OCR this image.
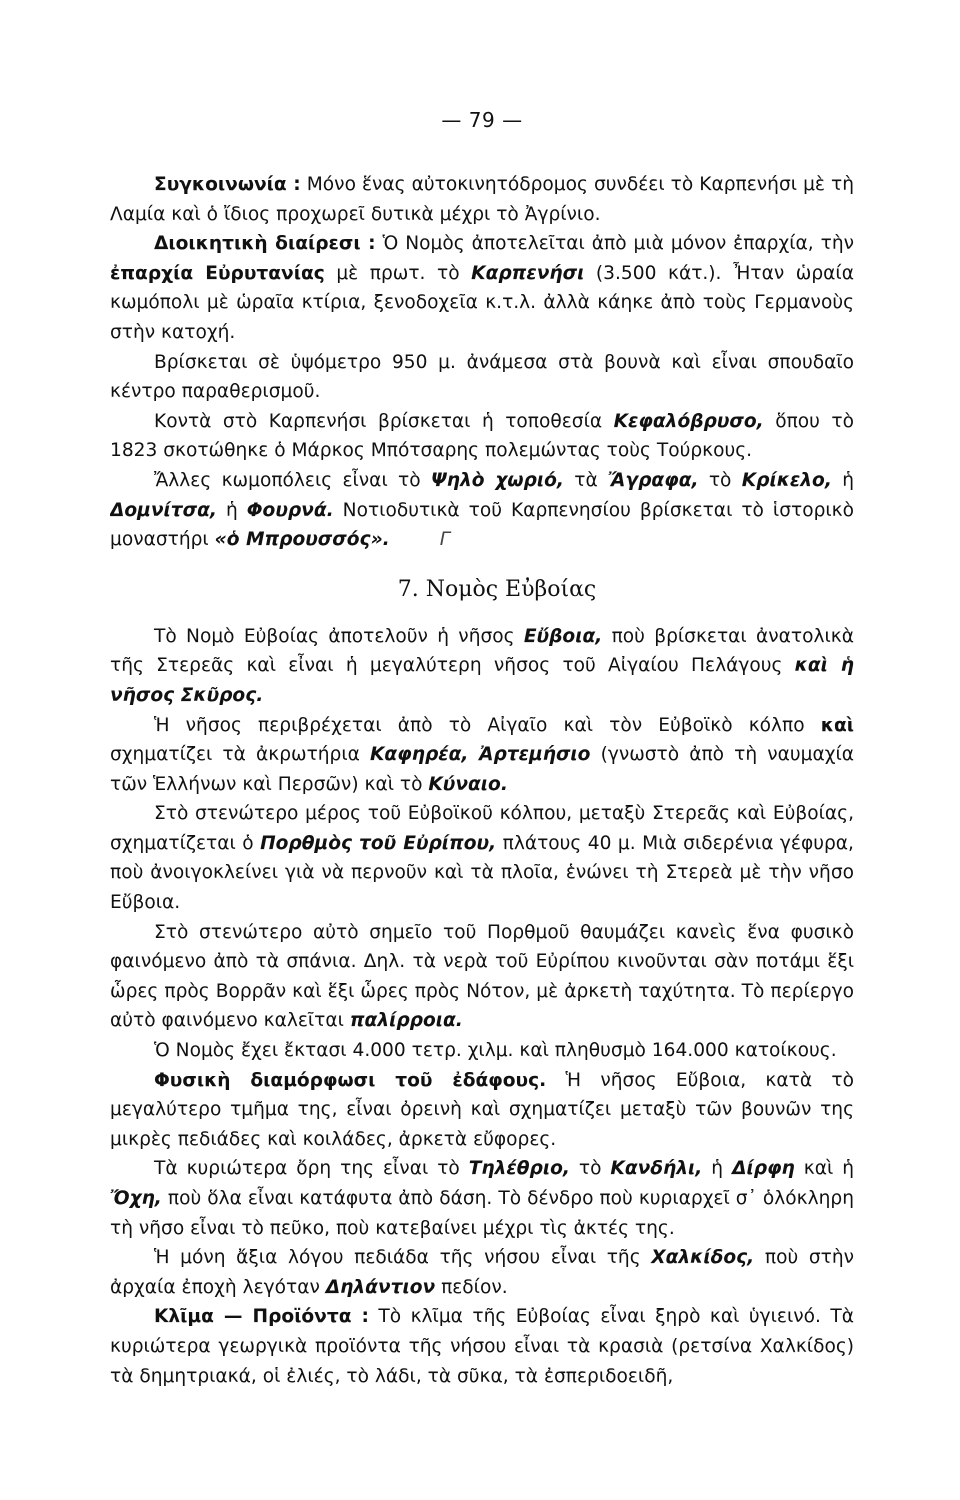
— 79 —

Συγκοινωνία : Μόνο ἕνας αὐτοκινητόδρομος συνδέει τὸ Καρπενήσι μὲ τὴ Λαμία καὶ ὁ ἴδιος προχωρεῖ δυτικὰ μέχρι τὸ Ἀγρίνιο.

Διοικητικὴ διαίρεσι : Ὁ Νομὸς ἀποτελεῖται ἀπὸ μιὰ μόνον ἐπαρχία, τὴν ἐπαρχία Εὐρυτανίας μὲ πρωτ. τὸ Καρπενήσι (3.500 κάτ.). Ἦταν ὡραία κωμόπολι μὲ ὡραῖα κτίρια, ξενοδοχεῖα κ.τ.λ. ἀλλὰ κάηκε ἀπὸ τοὺς Γερμανοὺς στὴν κατοχή.

Βρίσκεται σὲ ὑψόμετρο 950 μ. ἀνάμεσα στὰ βουνὰ καὶ εἶναι σπουδαῖο κέντρο παραθερισμοῦ.

Κοντὰ στὸ Καρπενήσι βρίσκεται ἡ τοποθεσία Κεφαλόβρυσο, ὅπου τὸ 1823 σκοτώθηκε ὁ Μάρκος Μπότσαρης πολεμώντας τοὺς Τούρκους.

Ἄλλες κωμοπόλεις εἶναι τὸ Ψηλὸ χωριό, τὰ Ἄγραφα, τὸ Κρίκελο, ἡ Δομνίτσα, ἡ Φουρνά. Νοτιοδυτικὰ τοῦ Καρπενησίου βρίσκεται τὸ ἱστορικὸ μοναστήρι «ὁ Μπρουσσός».	Γ

7. Νομὸς Εὐβοίας

Τὸ Νομὸ Εὐβοίας ἀποτελοῦν ἡ νῆσος Εὔβοια, ποὺ βρίσκεται ἀνατολικὰ τῆς Στερεᾶς καὶ εἶναι ἡ μεγαλύτερη νῆσος τοῦ Αἰγαίου Πελάγους καὶ ἡ νῆσος Σκῦρος.

Ἡ νῆσος περιβρέχεται ἀπὸ τὸ Αἰγαῖο καὶ τὸν Εὐβοϊκὸ κόλπο καὶ σχηματίζει τὰ ἀκρωτήρια Καφηρέα, Ἀρτεμήσιο (γνωστὸ ἀπὸ τὴ ναυμαχία τῶν Ἑλλήνων καὶ Περσῶν) καὶ τὸ Κύναιο.

Στὸ στενώτερο μέρος τοῦ Εὐβοϊκοῦ κόλπου, μεταξὺ Στερεᾶς καὶ Εὐβοίας, σχηματίζεται ὁ Πορθμὸς τοῦ Εὐρίπου, πλάτους 40 μ. Μιὰ σιδερένια γέφυρα, ποὺ ἀνοιγοκλείνει γιὰ νὰ περνοῦν καὶ τὰ πλοῖα, ἑνώνει τὴ Στερεὰ μὲ τὴν νῆσο Εὔβοια.

Στὸ στενώτερο αὐτὸ σημεῖο τοῦ Πορθμοῦ θαυμάζει κανεὶς ἕνα φυσικὸ φαινόμενο ἀπὸ τὰ σπάνια. Δηλ. τὰ νερὰ τοῦ Εὐρίπου κινοῦνται σὰν ποτάμι ἕξι ὧρες πρὸς Βορρᾶν καὶ ἕξι ὧρες πρὸς Νότον, μὲ ἀρκετὴ ταχύτητα. Τὸ περίεργο αὐτὸ φαινόμενο καλεῖται παλίρροια.

Ὁ Νομὸς ἔχει ἔκτασι 4.000 τετρ. χιλμ. καὶ πληθυσμὸ 164.000 κατοίκους.

Φυσικὴ διαμόρφωσι τοῦ ἐδάφους. Ἡ νῆσος Εὔβοια, κατὰ τὸ μεγαλύτερο τμῆμα της, εἶναι ὀρεινὴ καὶ σχηματίζει μεταξὺ τῶν βουνῶν της μικρὲς πεδιάδες καὶ κοιλάδες, ἀρκετὰ εὔφορες.

Τὰ κυριώτερα ὄρη της εἶναι τὸ Τηλέθριο, τὸ Κανδήλι, ἡ Δίρφη καὶ ἡ Ὄχη, ποὺ ὅλα εἶναι κατάφυτα ἀπὸ δάση. Τὸ δένδρο ποὺ κυριαρχεῖ σ᾽ ὁλόκληρη τὴ νῆσο εἶναι τὸ πεῦκο, ποὺ κατεβαίνει μέχρι τὶς ἀκτές της.

Ἡ μόνη ἄξια λόγου πεδιάδα τῆς νήσου εἶναι τῆς Χαλκίδος, ποὺ στὴν ἀρχαία ἐποχὴ λεγόταν Δηλάντιον πεδίον.

Κλῖμα — Προϊόντα : Τὸ κλῖμα τῆς Εὐβοίας εἶναι ξηρὸ καὶ ὑγιεινό. Τὰ κυριώτερα γεωργικὰ προϊόντα τῆς νήσου εἶναι τὰ κρασιὰ (ρετσίνα Χαλκίδος) τὰ δημητριακά, οἱ ἐλιές, τὸ λάδι, τὰ σῦκα, τὰ ἐσπεριδοειδῆ,
